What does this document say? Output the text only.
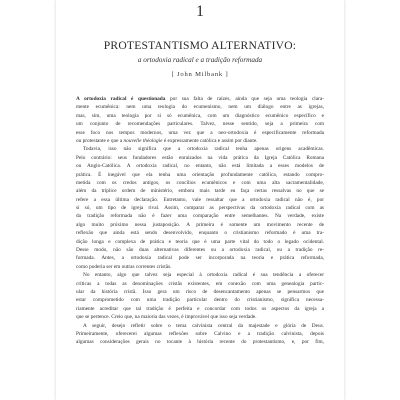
1
PROTESTANTISMO ALTERNATIVO:
a ortodoxia radical e a tradição reformada
[ John Milbank ]
A ortodoxia radical é questionada por sua falta de raízes, ainda que seja uma teologia clara-
mente ecumênica: nem uma teologia do ecumenismo, nem um diálogo entre as igrejas,
mas, sim, uma teologia por si só ecumênica, com um diagnóstico ecumênico específico e
um conjunto de recomendações particulares. Talvez, nesse sentido, seja a primeira com
esse foco nos tempos modernos, uma vez que a neo-ortodoxia é especificamente reformada
ou protestante e que a nouvelle théologie é expressamente católica e assim por diante.
Todavia, isso não significa que a ortodoxia radical tenha apenas origens acadêmicas.
Pelo contrário: seus fundadores estão enraizados na vida prática da Igreja Católica Romana
ou Anglo-Católica. A ortodoxia radical, no entanto, não está limitada a esses modelos de
prática. É inegável que ela tenha uma orientação profundamente católica, estando compro-
metida com os credos antigos, os concílios ecumênicos e com uma alta sacramentalidade,
além da tríplice ordem de ministério, embora mais tarde eu faça certas ressalvas no que se
refere a essa última declaração. Entretanto, vale ressaltar que a ortodoxia radical não é, por
si só, um tipo de igreja rival. Assim, comparar as perspectivas da ortodoxia radical com as
da tradição reformada não é fazer uma comparação entre semelhantes. Na verdade, existe
algo muito próximo nessa justaposição. A primeira é somente um movimento recente de
reflexão que ainda está sendo desenvolvido, enquanto o cristianismo reformado é uma tra-
dição longa e complexa de prática e teoria que é uma parte vital do todo o legado ocidental.
Desse modo, não são duas alternativas diferentes ou a ortodoxia radical, ou a tradição re-
formada. Antes, a ortodoxia radical pode ser incorporada na teoria e prática reformada,
como poderia ser em outras correntes cristãs.
No entanto, algo que talvez seja especial à ortodoxia radical é sua tendência a oferecer
críticas a todas as denominações cristãs existentes, em conexão com uma genealogia partic-
ular da história cristã. Isso gera um risco de desencantamento apenas se pensarmos que
estar comprometido com uma tradição particular dentro do cristianismo, significa necessa-
riamente acreditar que tal tradição é perfeita e concordar com todos os aspectos da igreja a
que se pertence. Creio que, na maioria das vezes, é improvável que isso seja verdade.
A seguir, desejo refletir sobre o tema calvinista central da majestade e glória de Deus.
Primeiramente, oferecerei algumas reflexões sobre Calvino e a tradição calvinista, depois
algumas considerações gerais no tocante à história recente do protestantismo, e, por fim,
